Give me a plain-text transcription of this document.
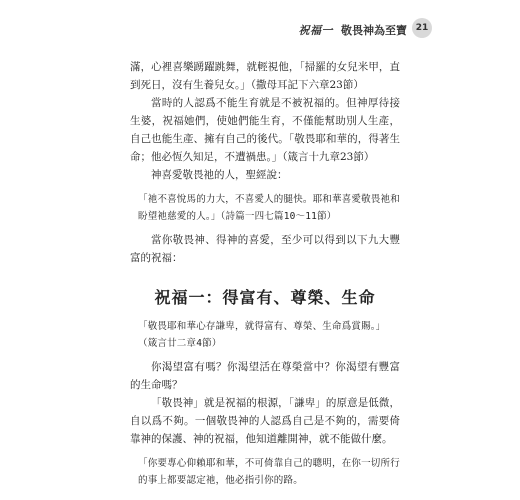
祝福一 敬畏神為至寶 21

滿，心裡喜樂踴躍跳舞，就輕視他，「掃羅的女兒米甲，直到死日，沒有生養兒女。」（撒母耳記下六章23節）

當時的人認爲不能生育就是不被祝福的。但神厚待接生婆，祝福她們，使她們能生育，不僅能幫助別人生產，自己也能生產、擁有自己的後代。「敬畏耶和華的，得著生命；他必恆久知足，不遭禍患。」（箴言十九章23節）

神喜愛敬畏祂的人，聖經說：

「祂不喜悅馬的力大，不喜愛人的腿快。耶和華喜愛敬畏祂和盼望祂慈愛的人。」（詩篇一四七篇10〜11節）

當你敬畏神、得神的喜愛，至少可以得到以下九大豐富的祝福：

祝福一：得富有、尊榮、生命

「敬畏耶和華心存謙卑，就得富有、尊榮、生命爲賞賜。」（箴言廿二章4節）

你渴望富有嗎？你渴望活在尊榮當中？你渴望有豐富的生命嗎？

「敬畏神」就是祝福的根源，「謙卑」的原意是低微，自以爲不夠。一個敬畏神的人認爲自己是不夠的，需要倚靠神的保護、神的祝福，他知道離開神，就不能做什麼。

「你要專心仰賴耶和華，不可倚靠自己的聰明，在你一切所行的事上都要認定祂，他必指引你的路。
